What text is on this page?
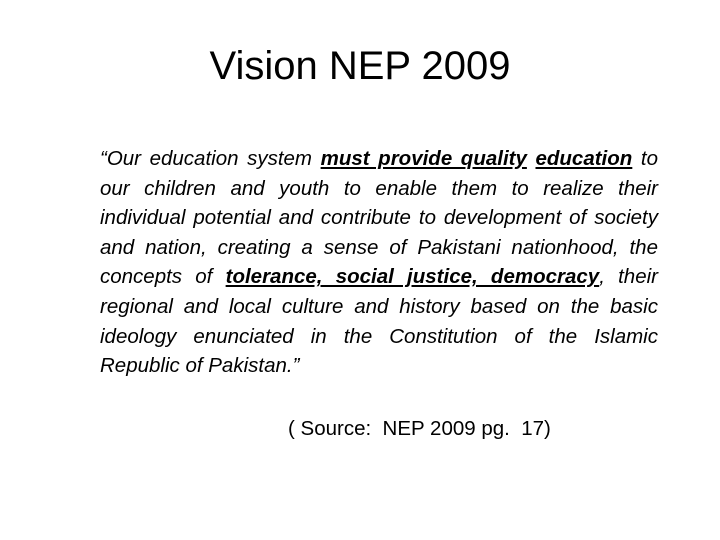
Vision NEP 2009
“Our education system must provide quality education to our children and youth to enable them to realize their individual potential and contribute to development of society and nation, creating a sense of Pakistani nationhood, the concepts of tolerance, social justice, democracy, their regional and local culture and history based on the basic ideology enunciated in the Constitution of the Islamic Republic of Pakistan.”
( Source:  NEP 2009 pg.  17)
